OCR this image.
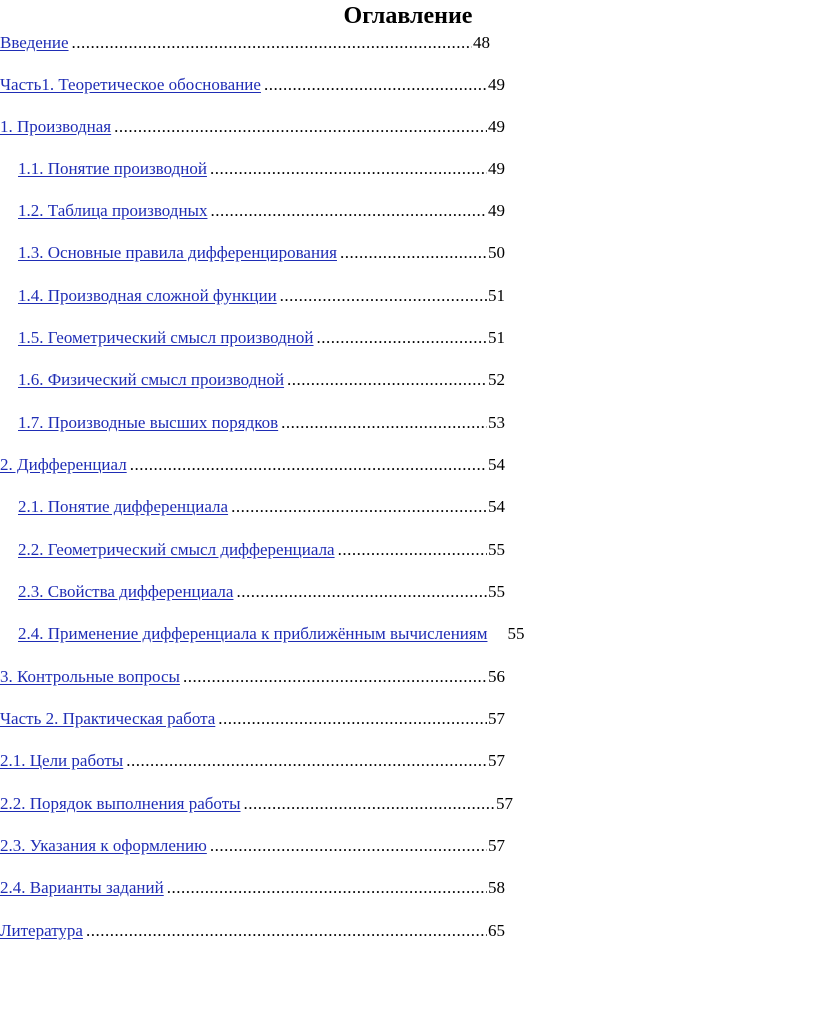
Оглавление
Введение .....	48
Часть1. Теоретическое обоснование .....	49
1. Производная .....	49
1.1. Понятие производной .....	49
1.2. Таблица производных .....	49
1.3. Основные правила дифференцирования .....	50
1.4. Производная сложной функции .....	51
1.5. Геометрический смысл производной .....	51
1.6. Физический смысл производной .....	52
1.7. Производные высших порядков .....	53
2. Дифференциал .....	54
2.1. Понятие дифференциала .....	54
2.2. Геометрический смысл дифференциала .....	55
2.3. Свойства дифференциала .....	55
2.4. Применение дифференциала к приближённым вычислениям 55
3. Контрольные вопросы .....	56
Часть 2. Практическая работа .....	57
2.1. Цели работы .....	57
2.2. Порядок выполнения работы .....	57
2.3. Указания к оформлению .....	57
2.4. Варианты заданий .....	58
Литература .....	65
